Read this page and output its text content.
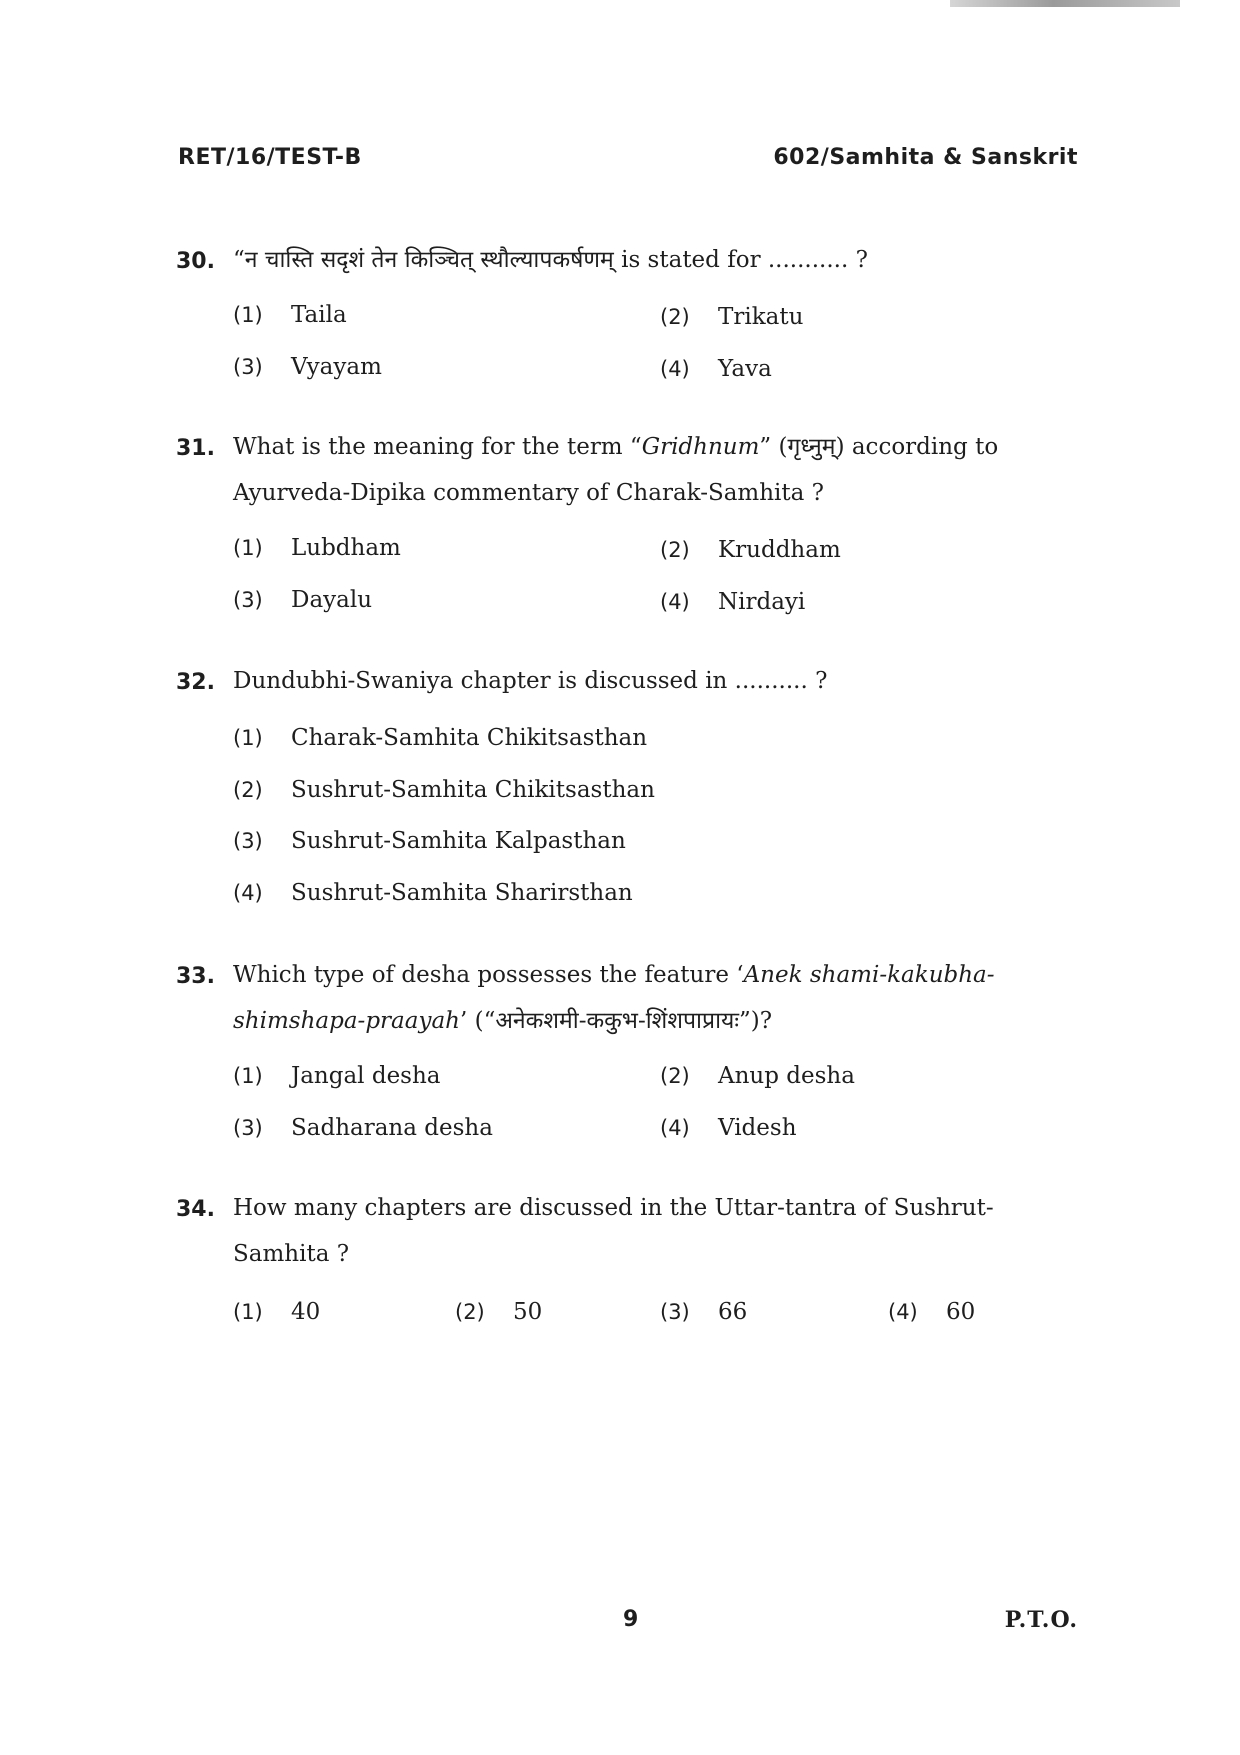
RET/16/TEST-B	602/Samhita & Sanskrit
30. “न चास्ति सदृशं तेन किञ्चित् स्थौल्यापकर्षणम् is stated for ........... ?
(1) Taila	(2) Trikatu
(3) Vyayam	(4) Yava
31. What is the meaning for the term “Gridhnum” (गृध्नुम्) according to Ayurveda-Dipika commentary of Charak-Samhita ?
(1) Lubdham	(2) Kruddham
(3) Dayalu	(4) Nirdayi
32. Dundubhi-Swaniya chapter is discussed in .......... ?
(1) Charak-Samhita Chikitsasthan
(2) Sushrut-Samhita Chikitsasthan
(3) Sushrut-Samhita Kalpasthan
(4) Sushrut-Samhita Sharirsthan
33. Which type of desha possesses the feature ‘Anek shami-kakubha-shimshapa-praayah’ (“अनेकशमी-ककुभ-शिंशपाप्रायः”)?
(1) Jangal desha	(2) Anup desha
(3) Sadharana desha	(4) Videsh
34. How many chapters are discussed in the Uttar-tantra of Sushrut-Samhita ?
(1) 40	(2) 50	(3) 66	(4) 60
9	P.T.O.
